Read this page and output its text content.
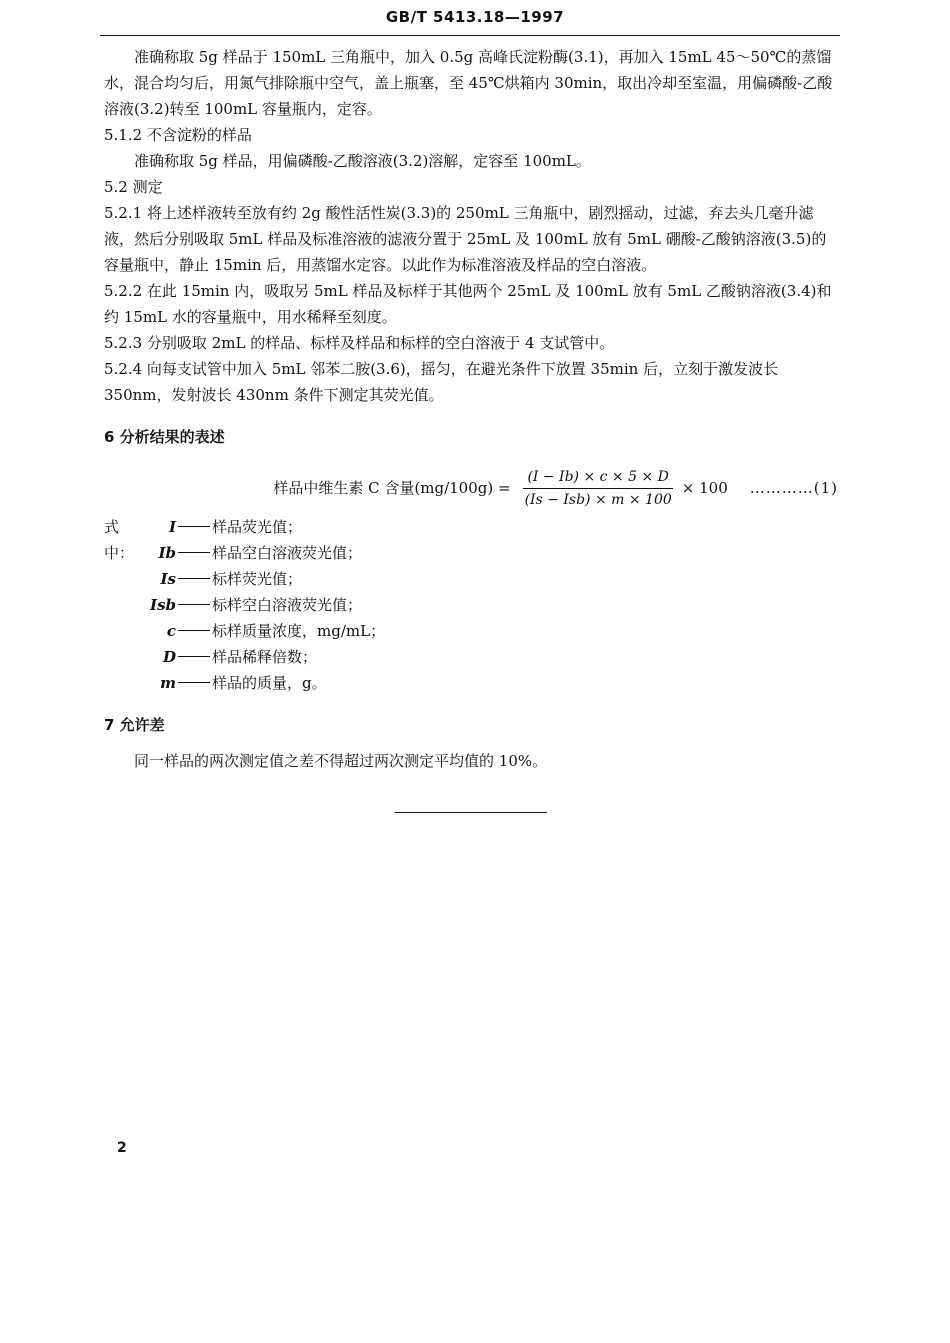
GB/T 5413.18—1997

准确称取 5g 样品于 150mL 三角瓶中，加入 0.5g 高峰氏淀粉酶(3.1)，再加入 15mL 45～50℃的蒸馏水，混合均匀后，用氮气排除瓶中空气，盖上瓶塞，至 45℃烘箱内 30min，取出冷却至室温，用偏磷酸-乙酸溶液(3.2)转至 100mL 容量瓶内，定容。

5.1.2 不含淀粉的样品

准确称取 5g 样品，用偏磷酸-乙酸溶液(3.2)溶解，定容至 100mL。

5.2 测定

5.2.1 将上述样液转至放有约 2g 酸性活性炭(3.3)的 250mL 三角瓶中，剧烈摇动，过滤，弃去头几毫升滤液，然后分别吸取 5mL 样品及标准溶液的滤液分置于 25mL 及 100mL 放有 5mL 硼酸-乙酸钠溶液(3.5)的容量瓶中，静止 15min 后，用蒸馏水定容。以此作为标准溶液及样品的空白溶液。

5.2.2 在此 15min 内，吸取另 5mL 样品及标样于其他两个 25mL 及 100mL 放有 5mL 乙酸钠溶液(3.4)和约 15mL 水的容量瓶中，用水稀释至刻度。

5.2.3 分别吸取 2mL 的样品、标样及样品和标样的空白溶液于 4 支试管中。

5.2.4 向每支试管中加入 5mL 邻苯二胺(3.6)，摇匀，在避光条件下放置 35min 后，立刻于激发波长 350nm，发射波长 430nm 条件下测定其荧光值。

6 分析结果的表述

样品中维生素 C 含量$(mg/100g) = \frac{(I - Ib) \times c \times 5 \times D}{\text{(Is − Isb) × m × 100}} \times 100$ …………(1)
式中：
I 样品荧光值；
Ib 样品空白溶液荧光值；
Is 标样荧光值；
Isb 标样空白溶液荧光值；
c 标样质量浓度，mg/mL；
D 样品稀释倍数；
m 样品的质量，g。

7 允许差

同一样品的两次测定值之差不得超过两次测定平均值的 10%。

2
